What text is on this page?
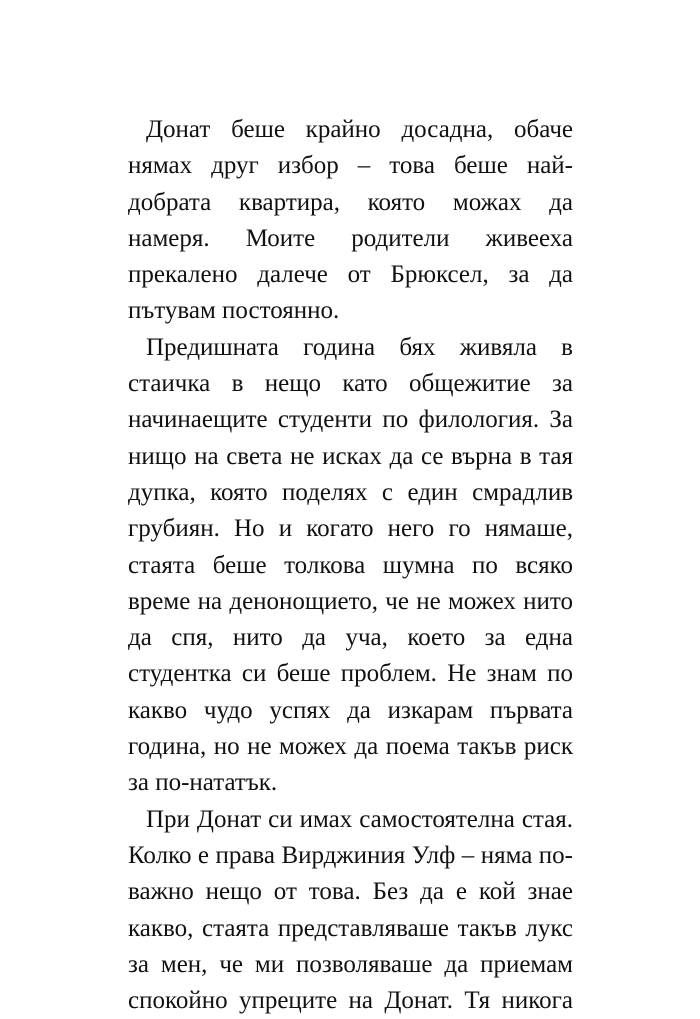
Донат беше крайно досадна, обаче
нямах друг избор – това беше най-
добрата квартира, която можах да
намеря. Моите родители живееха
прекалено далече от Брюксел, за да
пътувам постоянно.

Предишната година бях живяла в
стаичка в нещо като общежитие за
начинаещите студенти по филология. За
нищо на света не исках да се върна в тая
дупка, която поделях с един смрадлив
грубиян. Но и когато него го нямаше,
стаята беше толкова шумна по всяко
време на денонощието, че не можех нито
да спя, нито да уча, което за една
студентка си беше проблем. Не знам по
какво чудо успях да изкарам първата
година, но не можех да поема такъв риск
за по-нататък.

При Донат си имах самостоятелна стая.
Колко е права Вирджиния Улф – няма по-
важно нещо от това. Без да е кой знае
какво, стаята представляваше такъв лукс
за мен, че ми позволяваше да приемам
спокойно упреците на Донат. Тя никога
